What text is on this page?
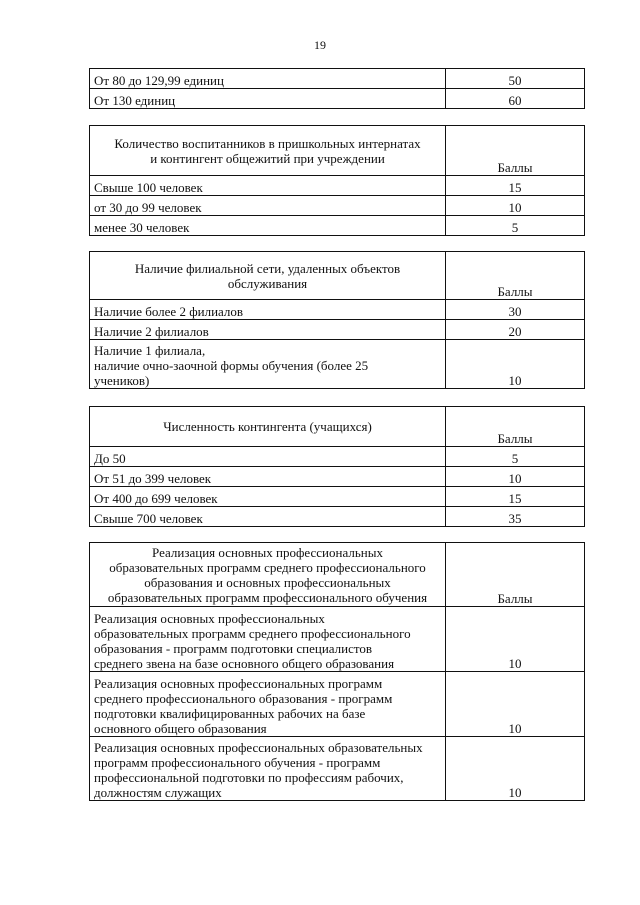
19
От 80 до 129,99 единиц	50
От 130 единиц	60
Количество воспитанников в пришкольных интернатах
и контингент общежитий при учреждении	Баллы
Свыше 100 человек	15
от 30 до 99 человек	10
менее 30 человек	5
Наличие филиальной сети, удаленных объектов
обслуживания	Баллы
Наличие более 2 филиалов	30
Наличие 2 филиалов	20

Наличие 1 филиала,
наличие очно-заочной формы обучения (более 25
учеников)	10
Численность контингента (учащихся)	Баллы
До 50	5
От 51 до 399 человек	10
От 400 до 699 человек	15
Свыше 700 человек	35
Реализация основных профессиональных
образовательных программ среднего профессионального
образования и основных профессиональных
образовательных программ профессионального обучения	Баллы

Реализация основных профессиональных
образовательных программ среднего профессионального
образования - программ подготовки специалистов
среднего звена на базе основного общего образования	10

Реализация основных профессиональных программ
среднего профессионального образования - программ
подготовки квалифицированных рабочих на базе
основного общего образования	10

Реализация основных профессиональных образовательных
программ профессионального обучения - программ
профессиональной подготовки по профессиям рабочих,
должностям служащих	10
